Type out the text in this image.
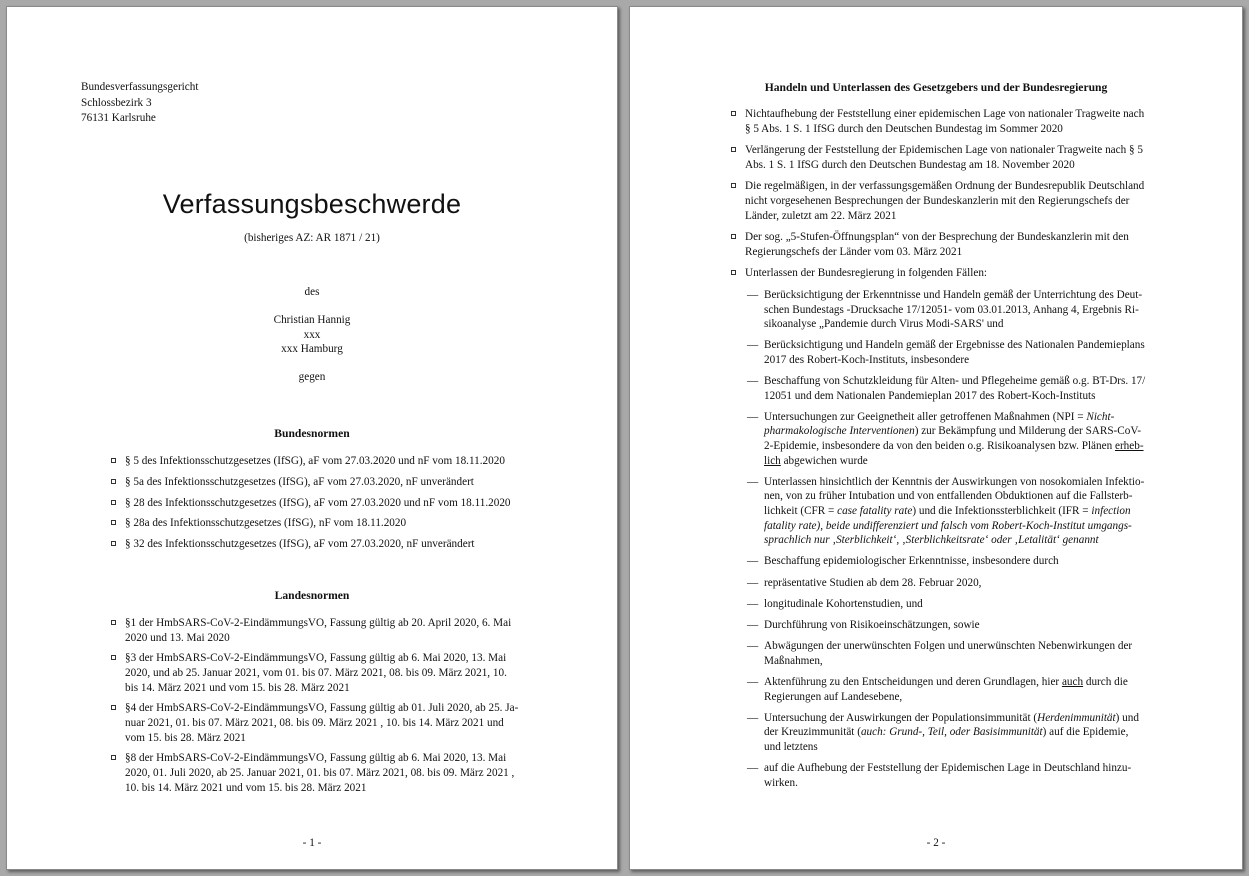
Bundesverfassungsgericht
Schlossbezirk 3
76131 Karlsruhe
Verfassungsbeschwerde
(bisheriges AZ: AR 1871 / 21)
des
Christian Hannig
xxx
xxx Hamburg
gegen
Bundesnormen
§ 5 des Infektionsschutzgesetzes (IfSG), aF vom 27.03.2020 und nF vom 18.11.2020
§ 5a des Infektionsschutzgesetzes (IfSG), aF vom 27.03.2020, nF unverändert
§ 28 des Infektionsschutzgesetzes (IfSG), aF vom 27.03.2020 und nF vom 18.11.2020
§ 28a des Infektionsschutzgesetzes (IfSG), nF vom 18.11.2020
§ 32 des Infektionsschutzgesetzes (IfSG), aF vom 27.03.2020, nF unverändert
Landesnormen
§1 der HmbSARS-CoV-2-EindämmungsVO, Fassung gültig ab 20. April 2020, 6. Mai
2020 und 13. Mai 2020
§3 der HmbSARS-CoV-2-EindämmungsVO, Fassung gültig ab 6. Mai 2020, 13. Mai
2020, und ab 25. Januar 2021, vom 01. bis 07. März 2021, 08. bis 09. März 2021, 10.
bis 14. März 2021 und vom 15. bis 28. März 2021
§4 der HmbSARS-CoV-2-EindämmungsVO, Fassung gültig ab 01. Juli 2020, ab 25. Ja-
nuar 2021, 01. bis 07. März 2021, 08. bis 09. März 2021 , 10. bis 14. März 2021 und
vom 15. bis 28. März 2021
§8 der HmbSARS-CoV-2-EindämmungsVO, Fassung gültig ab 6. Mai 2020, 13. Mai
2020, 01. Juli 2020, ab 25. Januar 2021, 01. bis 07. März 2021, 08. bis 09. März 2021 ,
10. bis 14. März 2021 und vom 15. bis 28. März 2021
- 1 -
Handeln und Unterlassen des Gesetzgebers und der Bundesregierung
Nichtaufhebung der Feststellung einer epidemischen Lage von nationaler Tragweite nach
§ 5 Abs. 1 S. 1 IfSG durch den Deutschen Bundestag im Sommer 2020
Verlängerung der Feststellung der Epidemischen Lage von nationaler Tragweite nach § 5
Abs. 1 S. 1 IfSG durch den Deutschen Bundestag am 18. November 2020
Die regelmäßigen, in der verfassungsgemäßen Ordnung der Bundesrepublik Deutschland
nicht vorgesehenen Besprechungen der Bundeskanzlerin mit den Regierungschefs der
Länder, zuletzt am 22. März 2021
Der sog. „5-Stufen-Öffnungsplan“ von der Besprechung der Bundeskanzlerin mit den
Regierungschefs der Länder vom 03. März 2021
Unterlassen der Bundesregierung in folgenden Fällen:
— Berücksichtigung der Erkenntnisse und Handeln gemäß der Unterrichtung des Deut-
schen Bundestags -Drucksache 17/12051- vom 03.01.2013, Anhang 4, Ergebnis Ri-
sikoanalyse „Pandemie durch Virus Modi-SARS' und
— Berücksichtigung und Handeln gemäß der Ergebnisse des Nationalen Pandemieplans
2017 des Robert-Koch-Instituts, insbesondere
— Beschaffung von Schutzkleidung für Alten- und Pflegeheime gemäß o.g. BT-Drs. 17/
12051 und dem Nationalen Pandemieplan 2017 des Robert-Koch-Instituts
— Untersuchungen zur Geeignetheit aller getroffenen Maßnahmen (NPI = Nicht-
pharmakologische Interventionen) zur Bekämpfung und Milderung der SARS-CoV-
2-Epidemie, insbesondere da von den beiden o.g. Risikoanalysen bzw. Plänen erheb-
lich abgewichen wurde
— Unterlassen hinsichtlich der Kenntnis der Auswirkungen von nosokomialen Infektio-
nen, von zu früher Intubation und von entfallenden Obduktionen auf die Fallsterb-
lichkeit (CFR = case fatality rate) und die Infektionssterblichkeit (IFR = infection
fatality rate), beide undifferenziert und falsch vom Robert-Koch-Institut umgangs-
sprachlich nur ‚Sterblichkeit‘, ‚Sterblichkeitsrate‘ oder ‚Letalität‘ genannt
— Beschaffung epidemiologischer Erkenntnisse, insbesondere durch
— repräsentative Studien ab dem 28. Februar 2020,
— longitudinale Kohortenstudien, und
— Durchführung von Risikoeinschätzungen, sowie
— Abwägungen der unerwünschten Folgen und unerwünschten Nebenwirkungen der
Maßnahmen,
— Aktenführung zu den Entscheidungen und deren Grundlagen, hier auch durch die
Regierungen auf Landesebene,
— Untersuchung der Auswirkungen der Populationsimmunität (Herdenimmunität) und
der Kreuzimmunität (auch: Grund-, Teil, oder Basisimmunität) auf die Epidemie,
und letztens
— auf die Aufhebung der Feststellung der Epidemischen Lage in Deutschland hinzu-
wirken.
- 2 -
